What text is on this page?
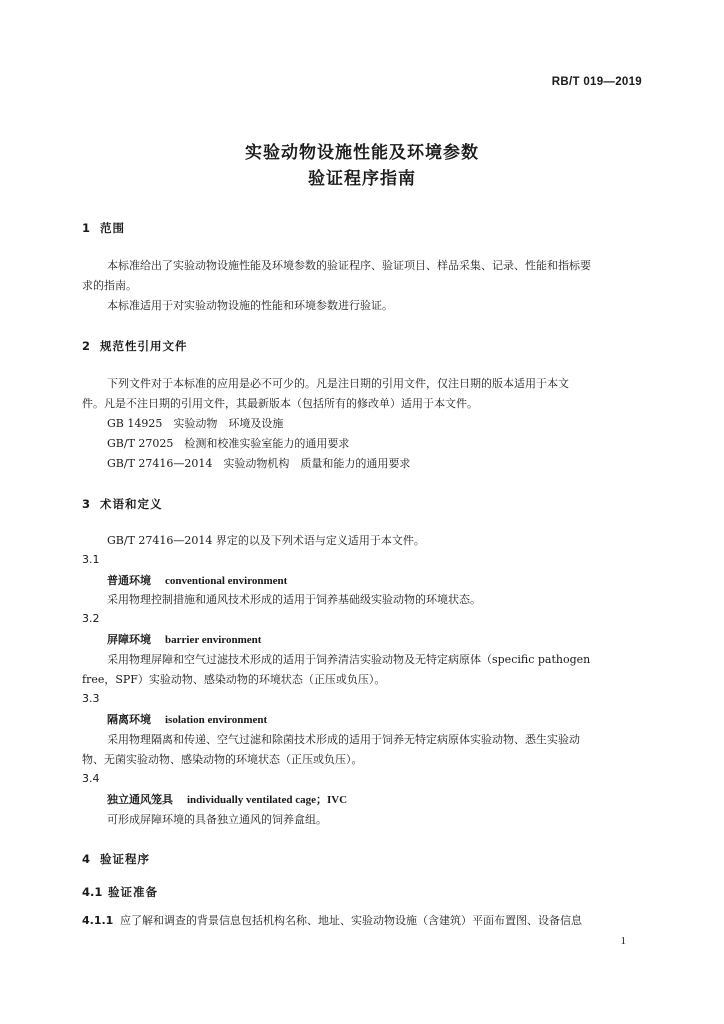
RB/T 019—2019
实验动物设施性能及环境参数
验证程序指南
1 范围
本标准给出了实验动物设施性能及环境参数的验证程序、验证项目、样品采集、记录、性能和指标要
求的指南。
本标准适用于对实验动物设施的性能和环境参数进行验证。
2 规范性引用文件
下列文件对于本标准的应用是必不可少的。凡是注日期的引用文件，仅注日期的版本适用于本文
件。凡是不注日期的引用文件，其最新版本（包括所有的修改单）适用于本文件。
GB 14925　实验动物　环境及设施
GB/T 27025　检测和校准实验室能力的通用要求
GB/T 27416—2014　实验动物机构　质量和能力的通用要求
3 术语和定义
GB/T 27416—2014 界定的以及下列术语与定义适用于本文件。
3.1
普通环境 conventional environment
采用物理控制措施和通风技术形成的适用于饲养基础级实验动物的环境状态。
3.2
屏障环境 barrier environment
采用物理屏障和空气过滤技术形成的适用于饲养清洁实验动物及无特定病原体（specific pathogen
free，SPF）实验动物、感染动物的环境状态（正压或负压）。
3.3
隔离环境 isolation environment
采用物理隔离和传递、空气过滤和除菌技术形成的适用于饲养无特定病原体实验动物、悉生实验动
物、无菌实验动物、感染动物的环境状态（正压或负压）。
3.4
独立通风笼具 individually ventilated cage；IVC
可形成屏障环境的具备独立通风的饲养盒组。
4 验证程序
4.1 验证准备
4.1.1 应了解和调查的背景信息包括机构名称、地址、实验动物设施（含建筑）平面布置图、设备信息
1
